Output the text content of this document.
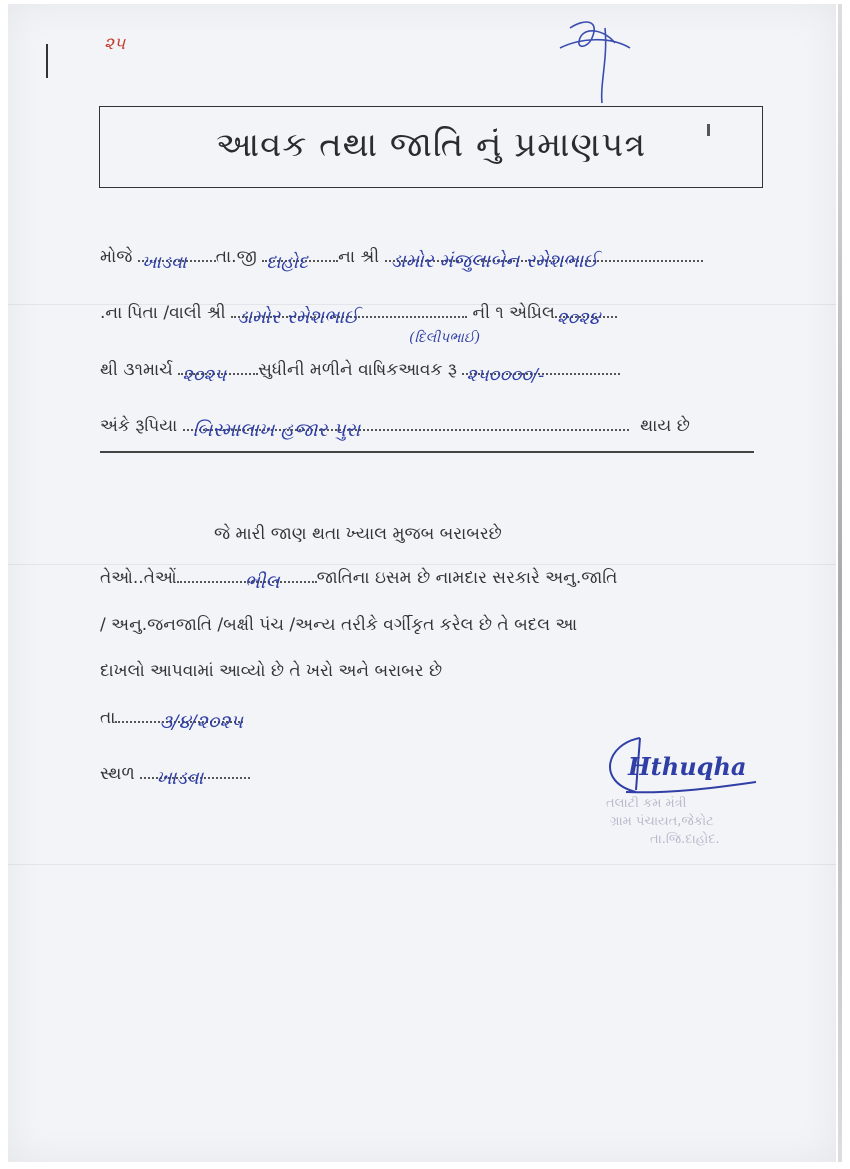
૨૫
આવક તથા જાતિ નું પ્રમાણપત્ર
મોજે ખાડવા તા.જી દાહોદ ના શ્રી ડામોર મંજુલાબેન રમેશભાઈ
.ના પિતા /વાલી શ્રી ડામોર રમેશભાઈ
(દિલીપભાઈ)
ની ૧ એપ્રિલ ૨૦૨૪
થી ૩૧માર્ચ ૨૦૨૫ સુધીની મળીને વાષિકઆવક રૂ ૨૫૦૦૦૦/-
અંકે રૂપિયા બિસ્માલાખ હજાર પુરા	થાય છે
જે મારી જાણ થતા ખ્યાલ મુજબ બરાબરછે
તેઓ..તેઓં	ભીલ જાતિના ઇસમ છે નામદાર સરકારે અનુ.જાતિ
/ અનુ.જનજાતિ /બક્ષી પંચ /અન્ય તરીકે વર્ગીકૃત કરેલ છે તે બદલ આ
દાખલો આપવામાં આવ્યો છે તે ખરો અને બરાબર છે
તા ૩/૪/૨૦૨૫
સ્થળ ખાડવા	Hthuqha
તલાટી કમ મંત્રી
ગ્રામ પંચાયત,જેકોટ
તા.જિ.દાહોદ.
